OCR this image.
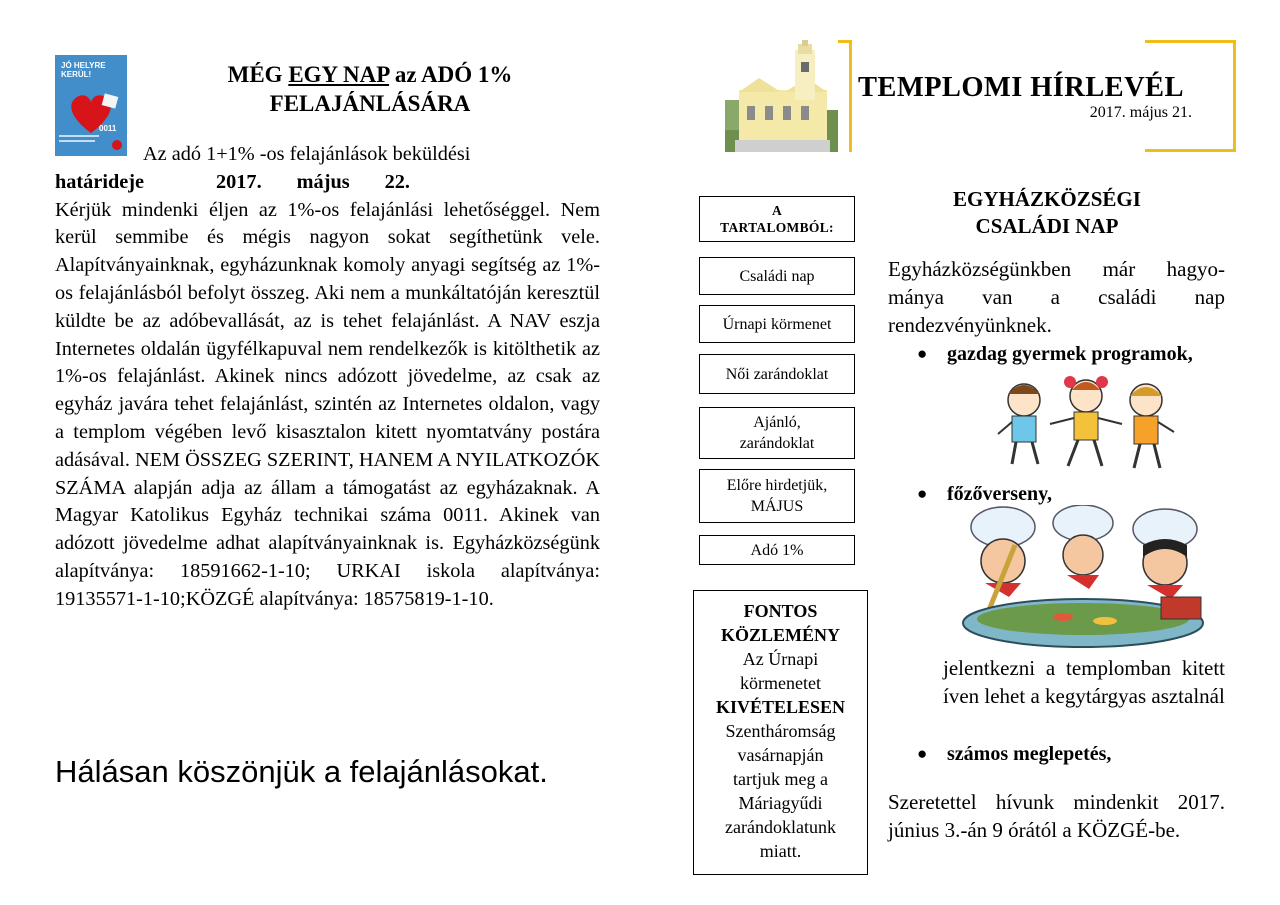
JÓ HELYRE
KERÜL!
0011
MÉG EGY NAP az ADÓ 1%
FELAJÁNLÁSÁRA

Az adó 1+1% -os felajánlások beküldési

határideje	2017. május 22.

Kérjük mindenki éljen az 1%-os felajánlási lehetőséggel. Nem kerül semmibe és mégis nagyon sokat segíthetünk vele. Alapítványainknak, egyházunknak komoly anyagi segítség az 1%-os felajánlásból befolyt összeg. Aki nem a munkáltatóján keresztül küldte be az adóbevallását, az is tehet felajánlást. A NAV eszja Internetes oldalán ügyfélkapuval nem rendelkezők is kitölthetik az 1%-os felajánlást. Akinek nincs adózott jövedelme, az csak az egyház javára tehet felajánlást, szintén az Internetes oldalon, vagy a templom végében levő kisasztalon kitett nyomtatvány postára adásával. NEM ÖSSZEG SZERINT, HANEM A NYILATKOZÓK SZÁMA alapján adja az állam a támogatást az egyházaknak. A Magyar Katolikus Egyház technikai száma 0011. Akinek van adózott jövedelme adhat alapítványainknak is. Egyházközségünk alapítványa: 18591662-1-10; URKAI iskola alapítványa: 19135571-1-10;KÖZGÉ alapítványa: 18575819-1-10.

Hálásan köszönjük a felajánlásokat.
TEMPLOMI HÍRLEVÉL
2017. május 21.
A
TARTALOMBÓL:
Családi nap
Úrnapi körmenet
Női zarándoklat
Ajánló,
zarándoklat
Előre hirdetjük,
MÁJUS
Adó 1%
FONTOS
KÖZLEMÉNY
Az Úrnapi
körmenetet
KIVÉTELESEN
Szentháromság
vasárnapján
tartjuk meg a
Máriagyűdi
zarándoklatunk
miatt.
EGYHÁZKÖZSÉGI
CSALÁDI NAP
Egyházközségünkben már hagyo-mánya van a családi nap rendezvényünknek.
● gazdag gyermek programok,
● főzőverseny,
jelentkezni a templomban kitett íven lehet a kegytárgyas asztalnál
● számos meglepetés,
Szeretettel hívunk mindenkit 2017. június 3.-án 9 órától a KÖZGÉ-be.
